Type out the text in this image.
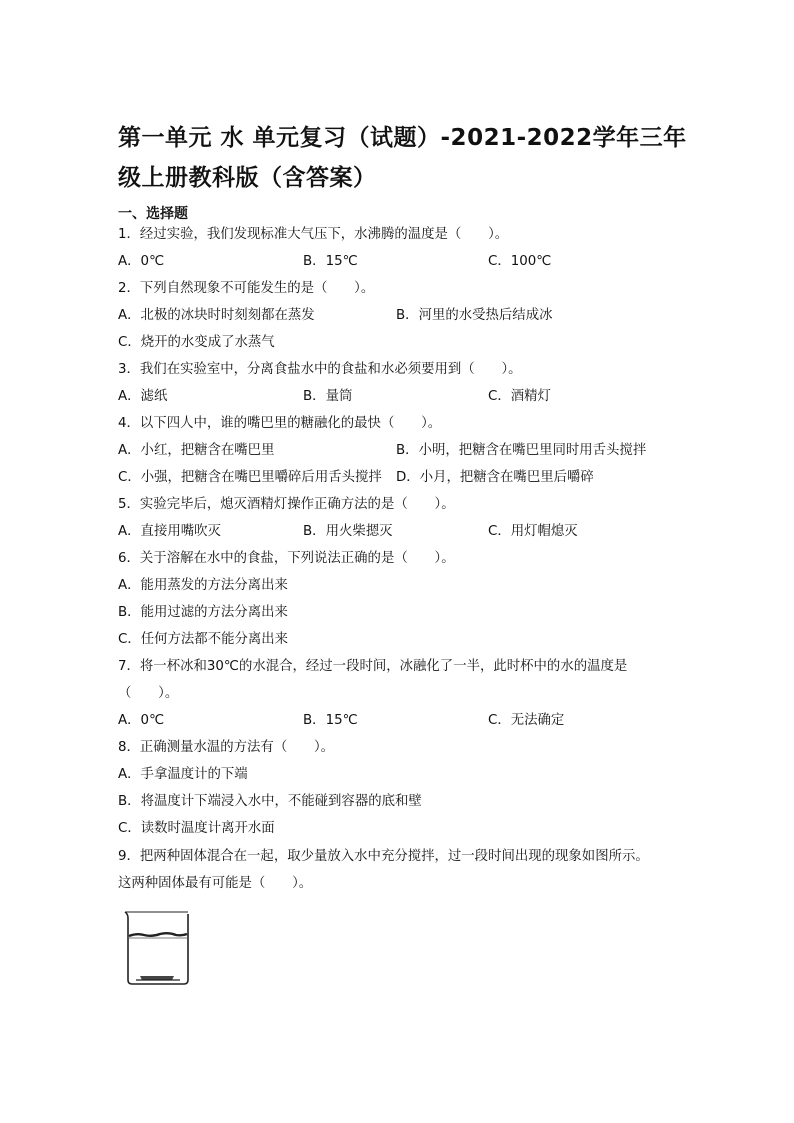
第一单元 水 单元复习（试题）-2021-2022学年三年级上册教科版（含答案）
一、选择题
1．经过实验，我们发现标准大气压下，水沸腾的温度是（　　）。
A．0℃	B．15℃	C．100℃
2．下列自然现象不可能发生的是（　　）。
A．北极的冰块时时刻刻都在蒸发	B．河里的水受热后结成冰
C．烧开的水变成了水蒸气
3．我们在实验室中，分离食盐水中的食盐和水必须要用到（　　）。
A．滤纸	B．量筒	C．酒精灯
4．以下四人中，谁的嘴巴里的糖融化的最快（　　）。
A．小红，把糖含在嘴巴里	B．小明，把糖含在嘴巴里同时用舌头搅拌
C．小强，把糖含在嘴巴里嚼碎后用舌头搅拌 D．小月，把糖含在嘴巴里后嚼碎
5．实验完毕后，熄灭酒精灯操作正确方法的是（　　）。
A．直接用嘴吹灭	B．用火柴摁灭	C．用灯帽熄灭
6．关于溶解在水中的食盐，下列说法正确的是（　　）。
A．能用蒸发的方法分离出来
B．能用过滤的方法分离出来
C．任何方法都不能分离出来
7．将一杯冰和30℃的水混合，经过一段时间，冰融化了一半，此时杯中的水的温度是
（　　）。
A．0℃	B．15℃	C．无法确定
8．正确测量水温的方法有（　　）。
A．手拿温度计的下端
B．将温度计下端浸入水中，不能碰到容器的底和壁
C．读数时温度计离开水面
9．把两种固体混合在一起，取少量放入水中充分搅拌，过一段时间出现的现象如图所示。
这两种固体最有可能是（　　）。
